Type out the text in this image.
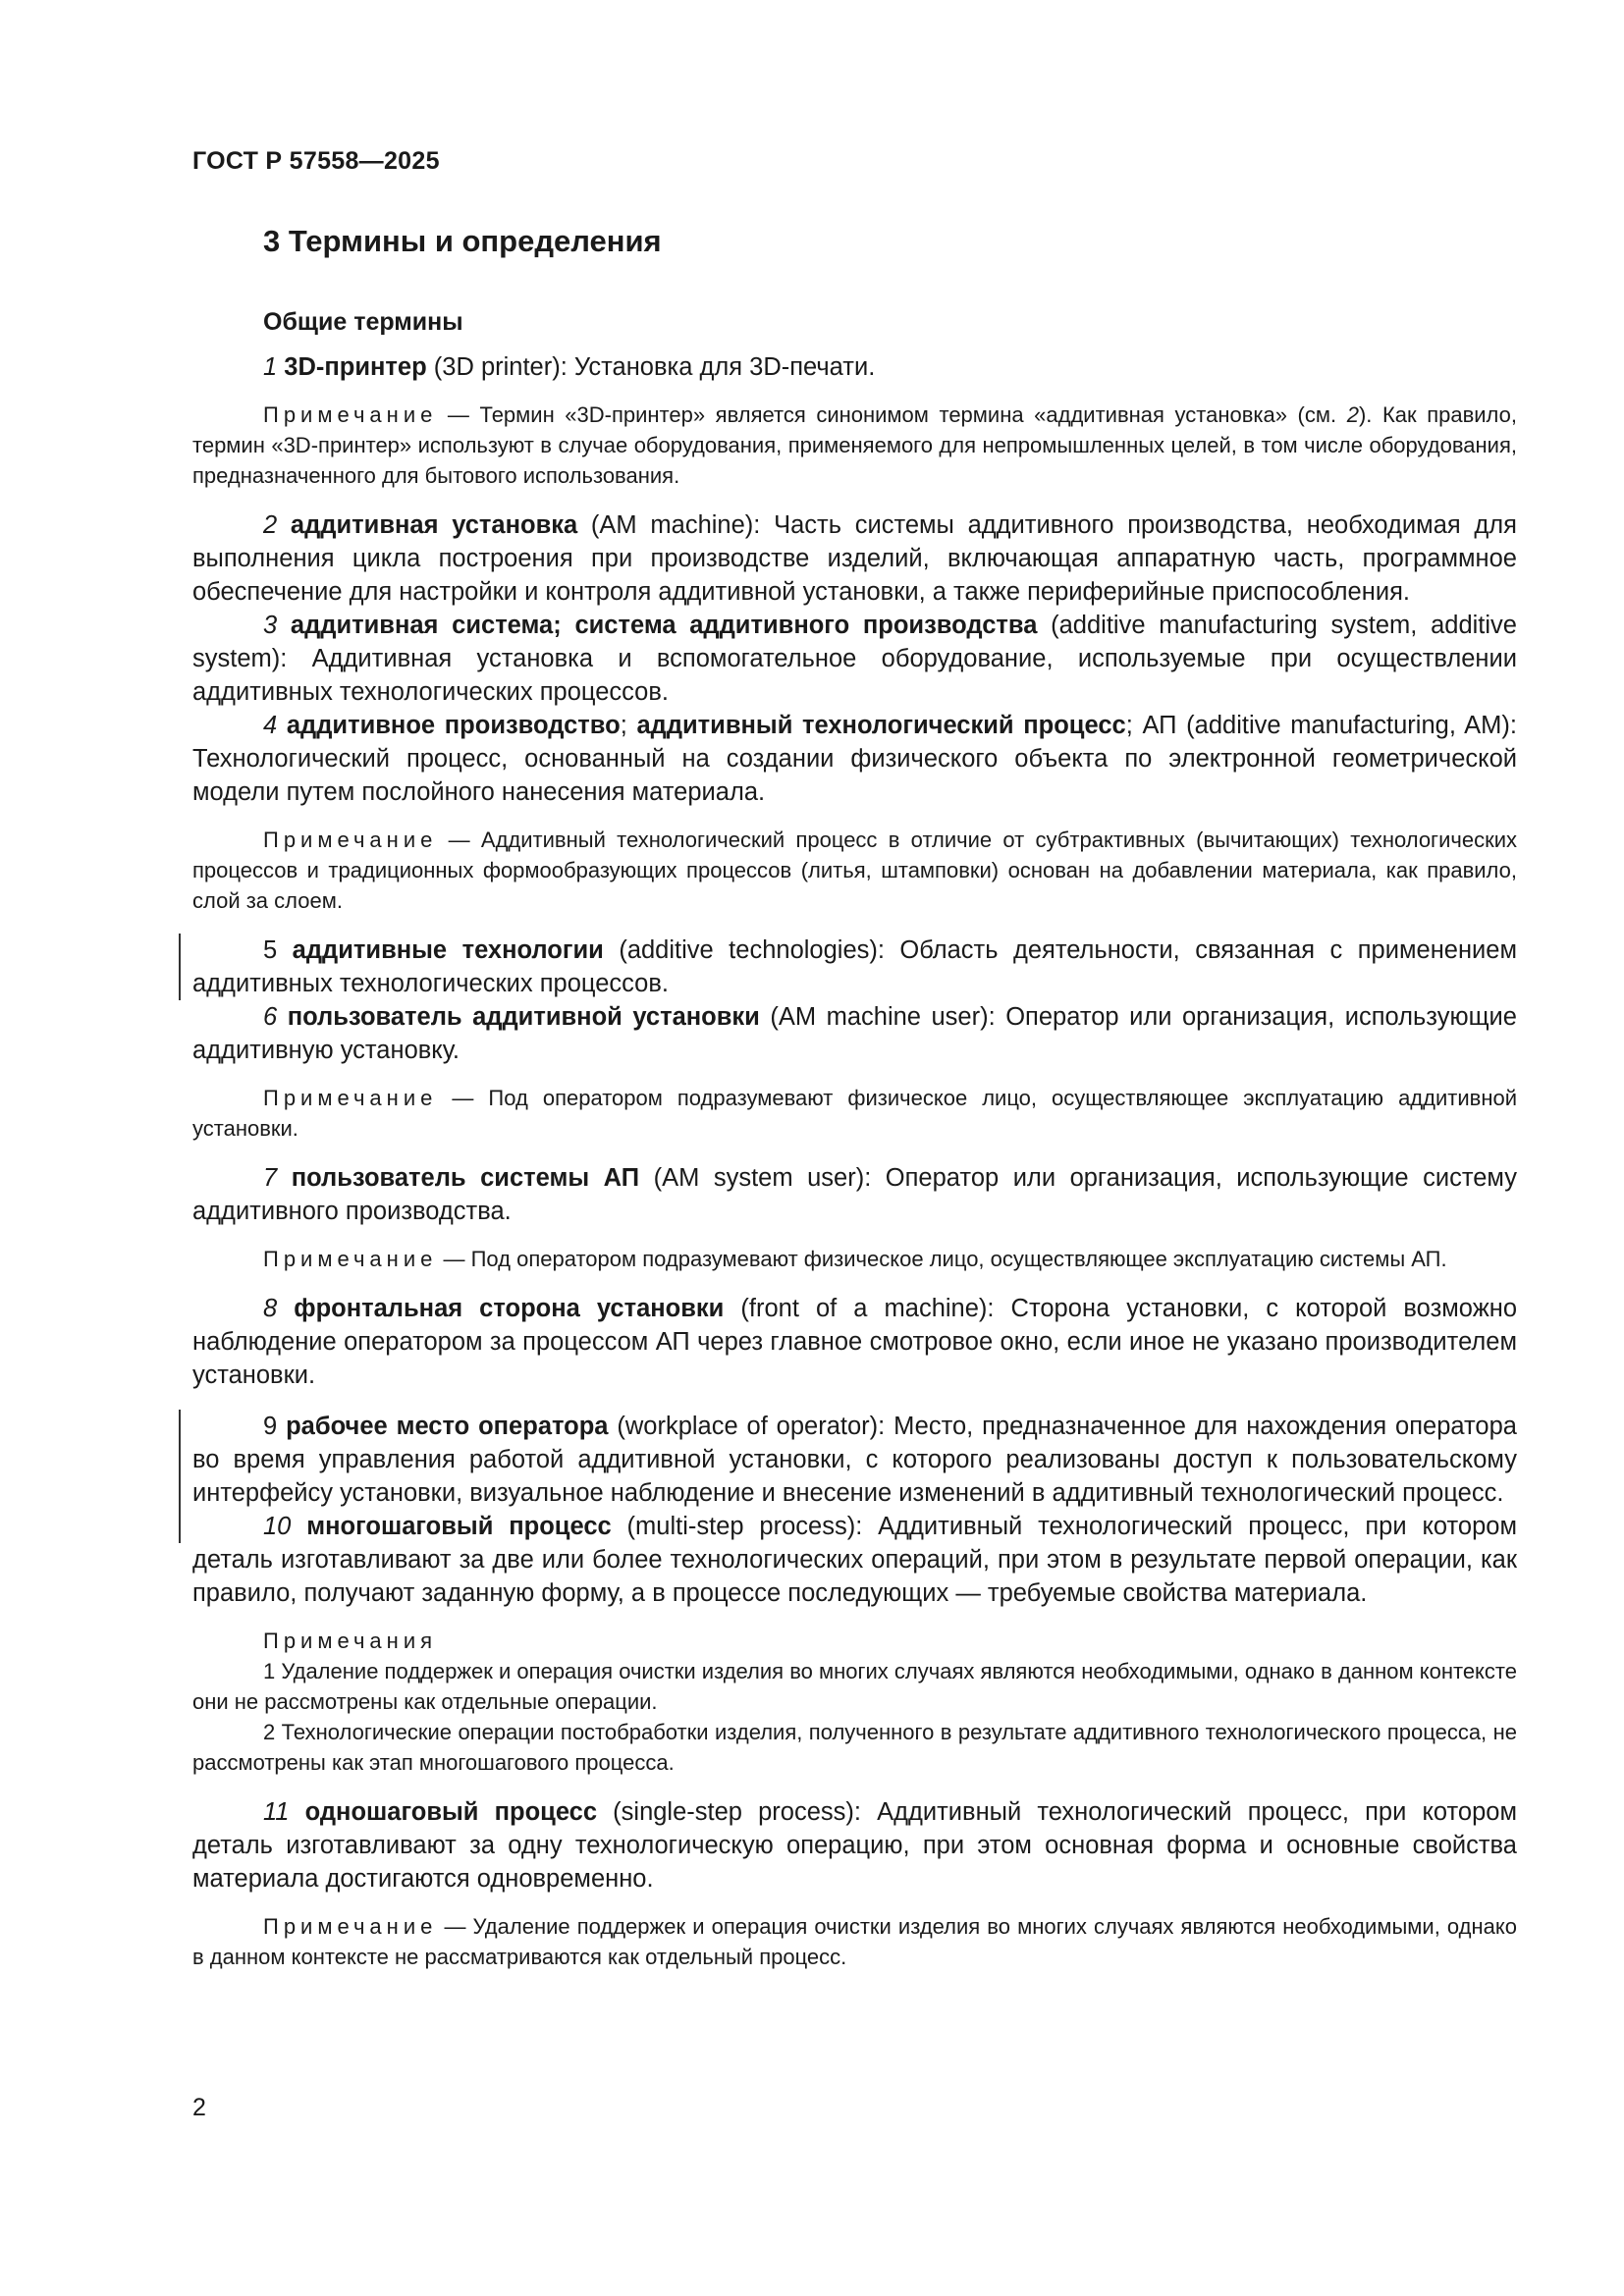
ГОСТ Р 57558—2025
3 Термины и определения
Общие термины

1 3D-принтер (3D printer): Установка для 3D-печати.

Примечание — Термин «3D-принтер» является синонимом термина «аддитивная установка» (см. 2). Как правило, термин «3D-принтер» используют в случае оборудования, применяемого для непромышленных целей, в том числе оборудования, предназначенного для бытового использования.

2 аддитивная установка (AM machine): Часть системы аддитивного производства, необходимая для выполнения цикла построения при производстве изделий, включающая аппаратную часть, программное обеспечение для настройки и контроля аддитивной установки, а также периферийные приспособления.

3 аддитивная система; система аддитивного производства (additive manufacturing system, additive system): Аддитивная установка и вспомогательное оборудование, используемые при осуществлении аддитивных технологических процессов.

4 аддитивное производство; аддитивный технологический процесс; АП (additive manufacturing, AM): Технологический процесс, основанный на создании физического объекта по электронной геометрической модели путем послойного нанесения материала.

Примечание — Аддитивный технологический процесс в отличие от субтрактивных (вычитающих) технологических процессов и традиционных формообразующих процессов (литья, штамповки) основан на добавлении материала, как правило, слой за слоем.

5 аддитивные технологии (additive technologies): Область деятельности, связанная с применением аддитивных технологических процессов.

6 пользователь аддитивной установки (AM machine user): Оператор или организация, использующие аддитивную установку.

Примечание — Под оператором подразумевают физическое лицо, осуществляющее эксплуатацию аддитивной установки.

7 пользователь системы АП (AM system user): Оператор или организация, использующие систему аддитивного производства.

Примечание — Под оператором подразумевают физическое лицо, осуществляющее эксплуатацию системы АП.

8 фронтальная сторона установки (front of a machine): Сторона установки, с которой возможно наблюдение оператором за процессом АП через главное смотровое окно, если иное не указано производителем установки.

9 рабочее место оператора (workplace of operator): Место, предназначенное для нахождения оператора во время управления работой аддитивной установки, с которого реализованы доступ к пользовательскому интерфейсу установки, визуальное наблюдение и внесение изменений в аддитивный технологический процесс.

10 многошаговый процесс (multi-step process): Аддитивный технологический процесс, при котором деталь изготавливают за две или более технологических операций, при этом в результате первой операции, как правило, получают заданную форму, а в процессе последующих — требуемые свойства материала.

Примечания

1 Удаление поддержек и операция очистки изделия во многих случаях являются необходимыми, однако в данном контексте они не рассмотрены как отдельные операции.

2 Технологические операции постобработки изделия, полученного в результате аддитивного технологического процесса, не рассмотрены как этап многошагового процесса.

11 одношаговый процесс (single-step process): Аддитивный технологический процесс, при котором деталь изготавливают за одну технологическую операцию, при этом основная форма и основные свойства материала достигаются одновременно.

Примечание — Удаление поддержек и операция очистки изделия во многих случаях являются необходимыми, однако в данном контексте не рассматриваются как отдельный процесс.

2
